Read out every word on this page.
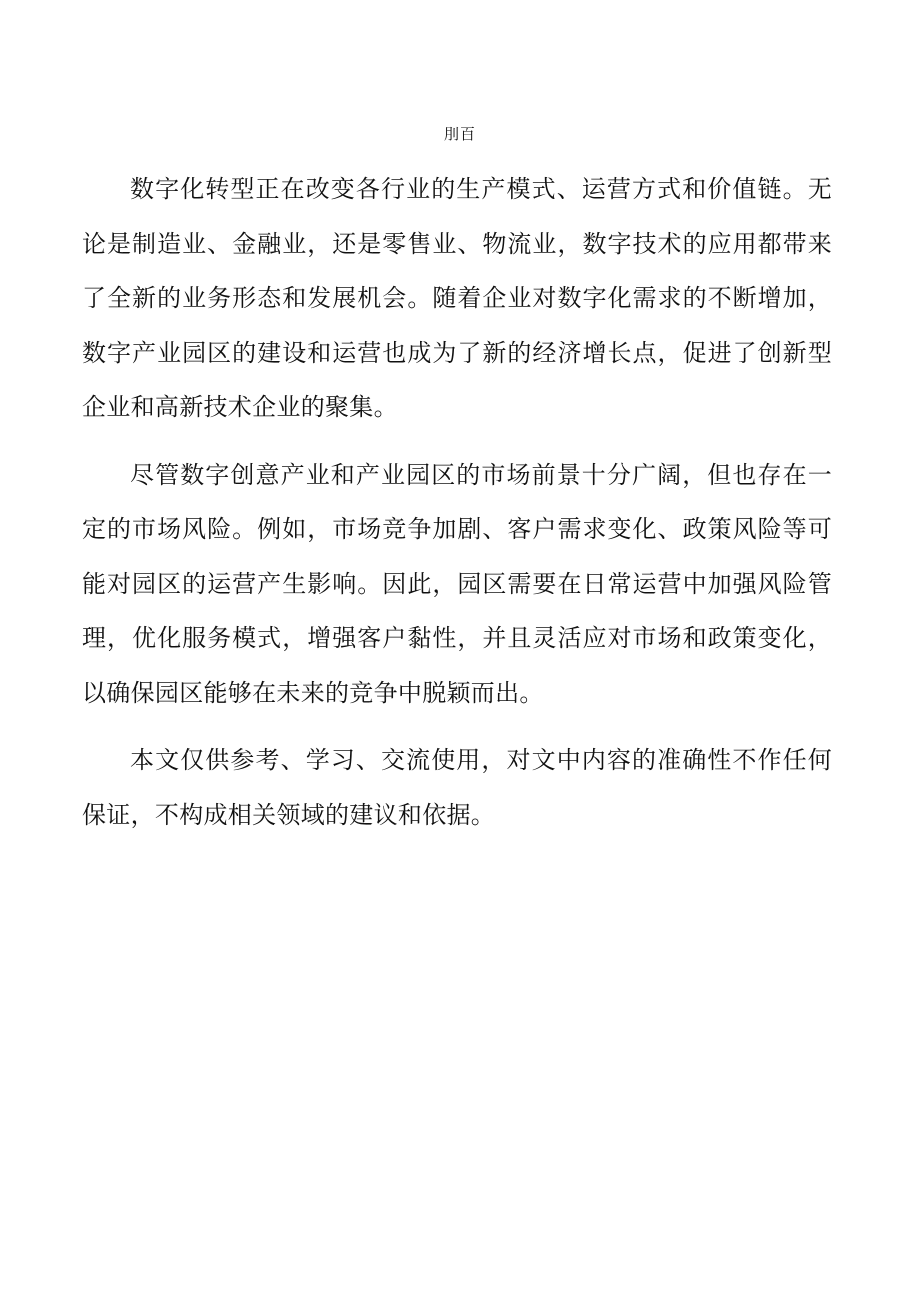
刖百

数字化转型正在改变各行业的生产模式、运营方式和价值链。无论是制造业、金融业，还是零售业、物流业，数字技术的应用都带来了全新的业务形态和发展机会。随着企业对数字化需求的不断增加，数字产业园区的建设和运营也成为了新的经济增长点，促进了创新型企业和高新技术企业的聚集。

尽管数字创意产业和产业园区的市场前景十分广阔，但也存在一定的市场风险。例如，市场竞争加剧、客户需求变化、政策风险等可能对园区的运营产生影响。因此，园区需要在日常运营中加强风险管理，优化服务模式，增强客户黏性，并且灵活应对市场和政策变化，以确保园区能够在未来的竞争中脱颖而出。

本文仅供参考、学习、交流使用，对文中内容的准确性不作任何保证，不构成相关领域的建议和依据。
